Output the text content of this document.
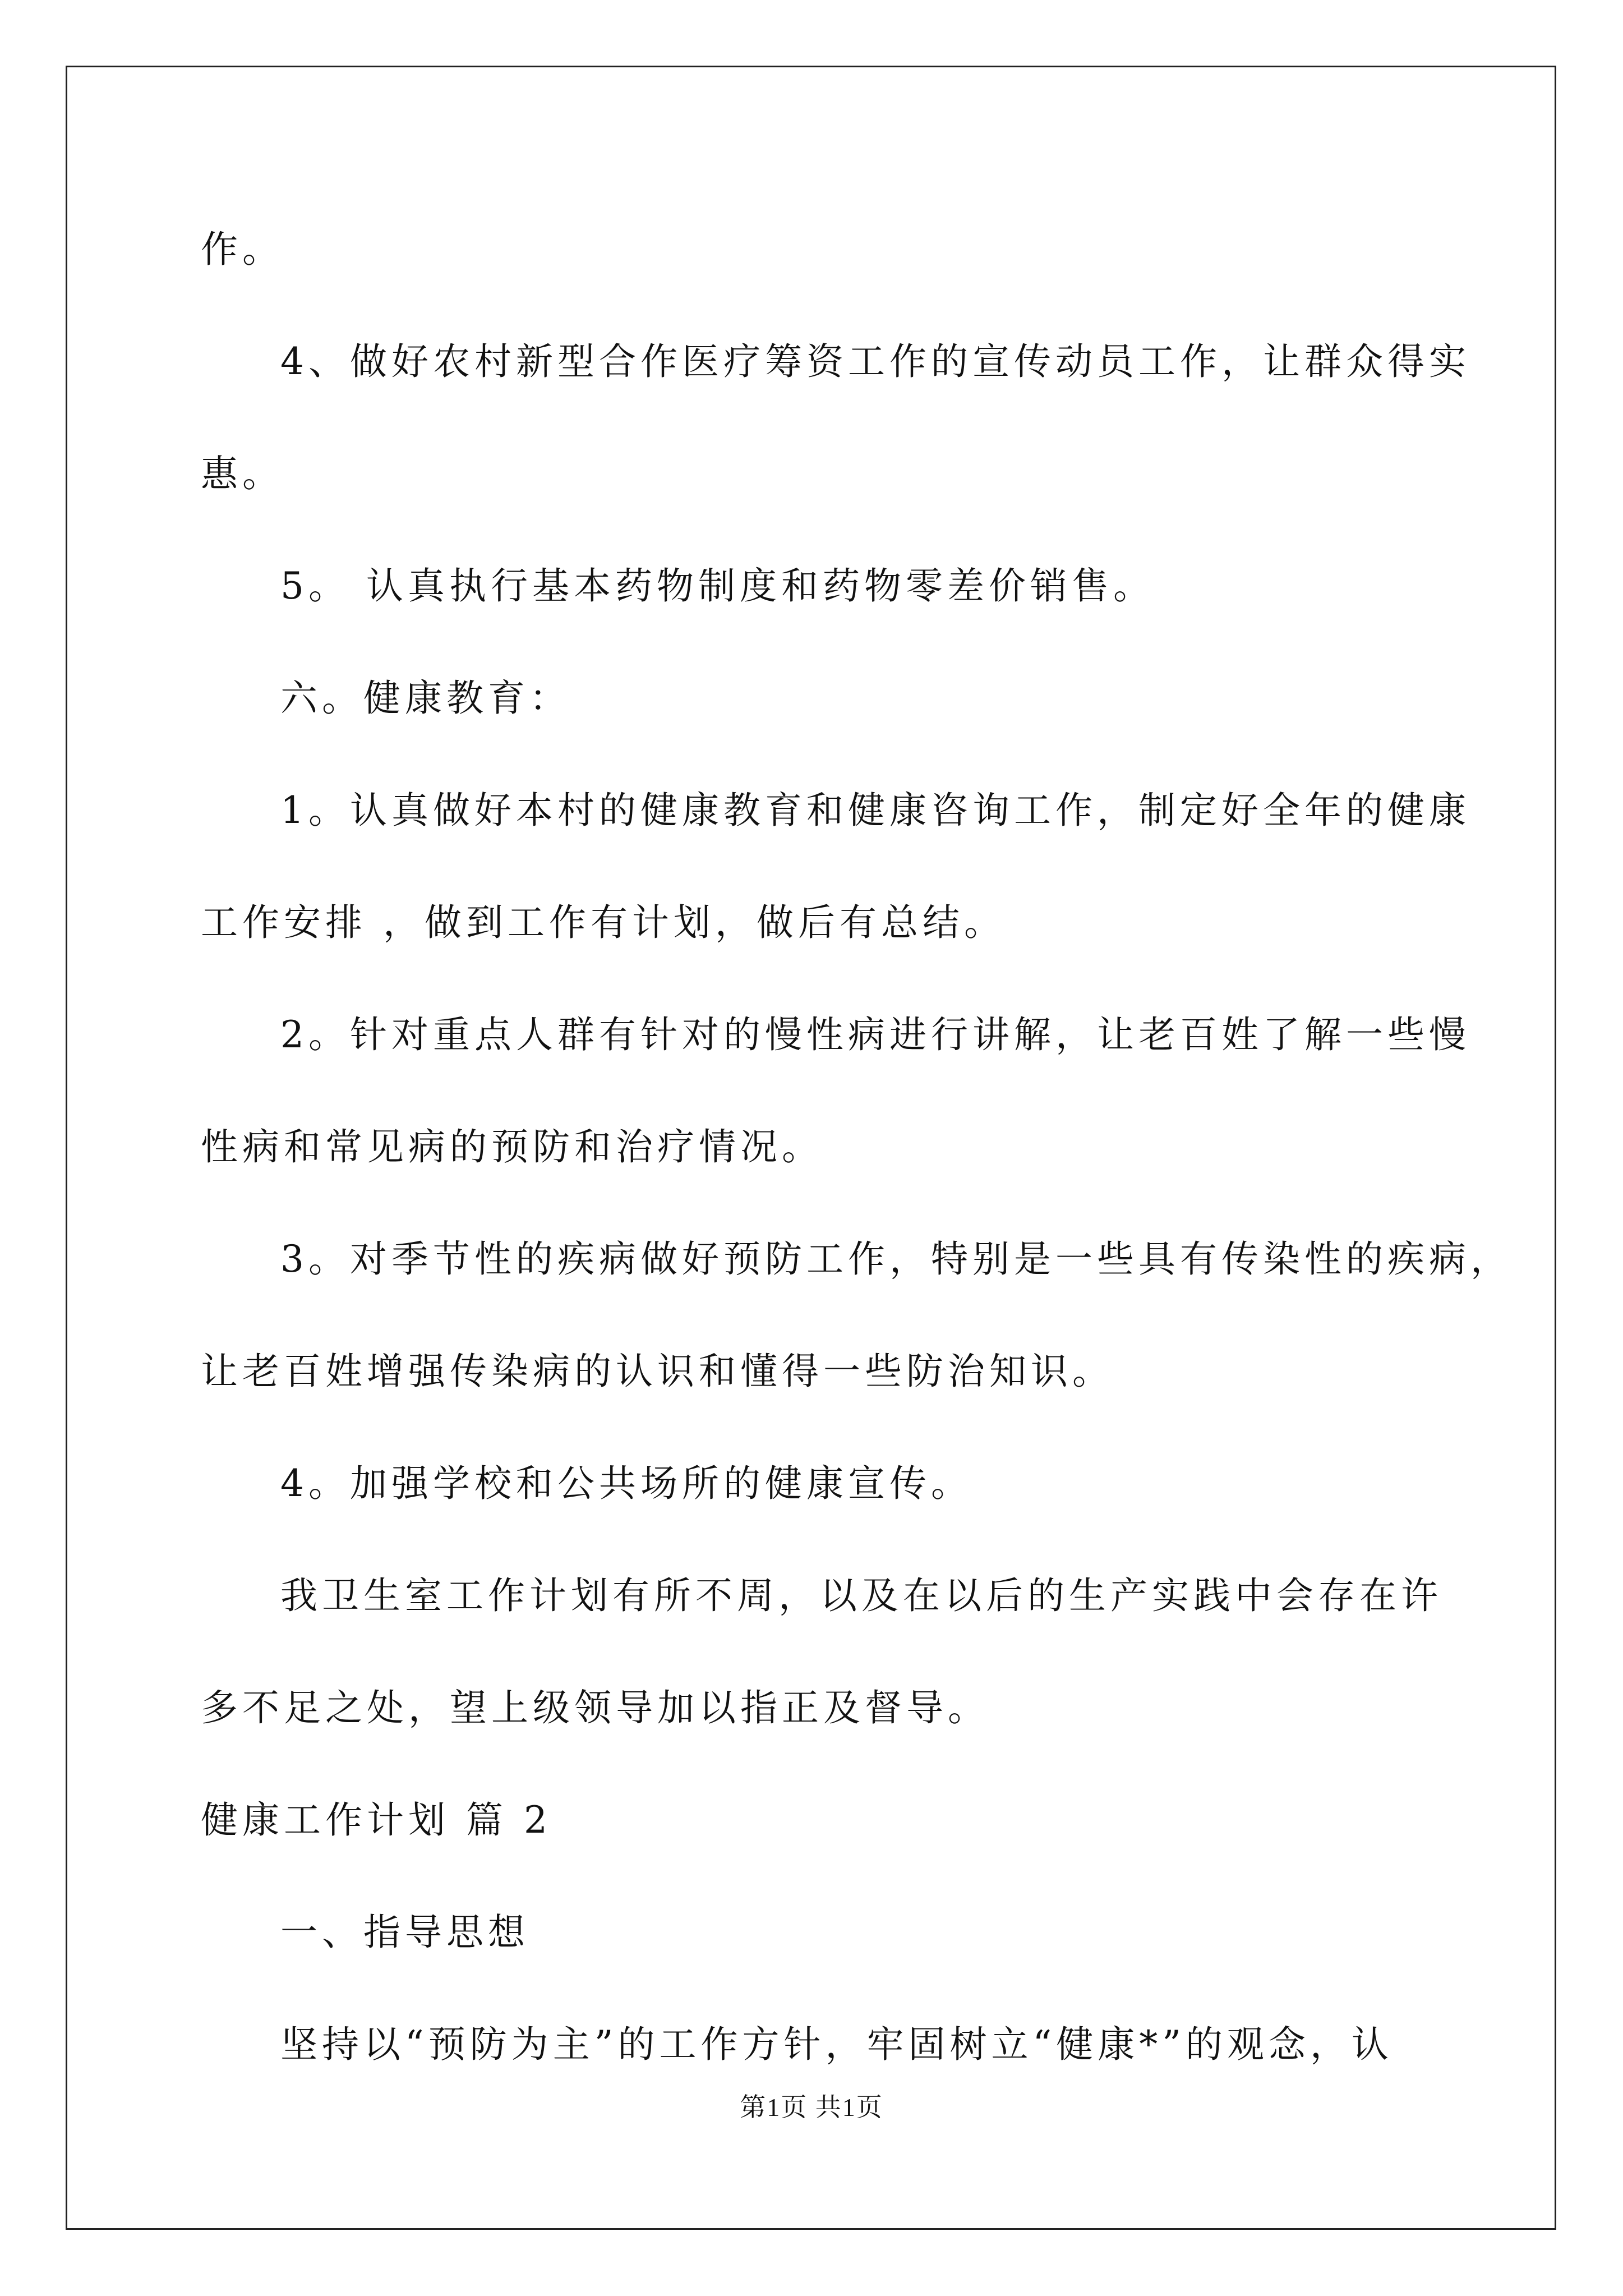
作。
4、做好农村新型合作医疗筹资工作的宣传动员工作，让群众得实
惠。
5。 认真执行基本药物制度和药物零差价销售。
六。健康教育：
1。认真做好本村的健康教育和健康咨询工作，制定好全年的健康
工作安排 ，做到工作有计划，做后有总结。
2。针对重点人群有针对的慢性病进行讲解，让老百姓了解一些慢
性病和常见病的预防和治疗情况。
3。对季节性的疾病做好预防工作，特别是一些具有传染性的疾病，
让老百姓增强传染病的认识和懂得一些防治知识。
4。加强学校和公共场所的健康宣传。
我卫生室工作计划有所不周，以及在以后的生产实践中会存在许
多不足之处，望上级领导加以指正及督导。
健康工作计划 篇 2
一、指导思想
坚持以“预防为主”的工作方针，牢固树立“健康*”的观念，认
第1页 共1页
